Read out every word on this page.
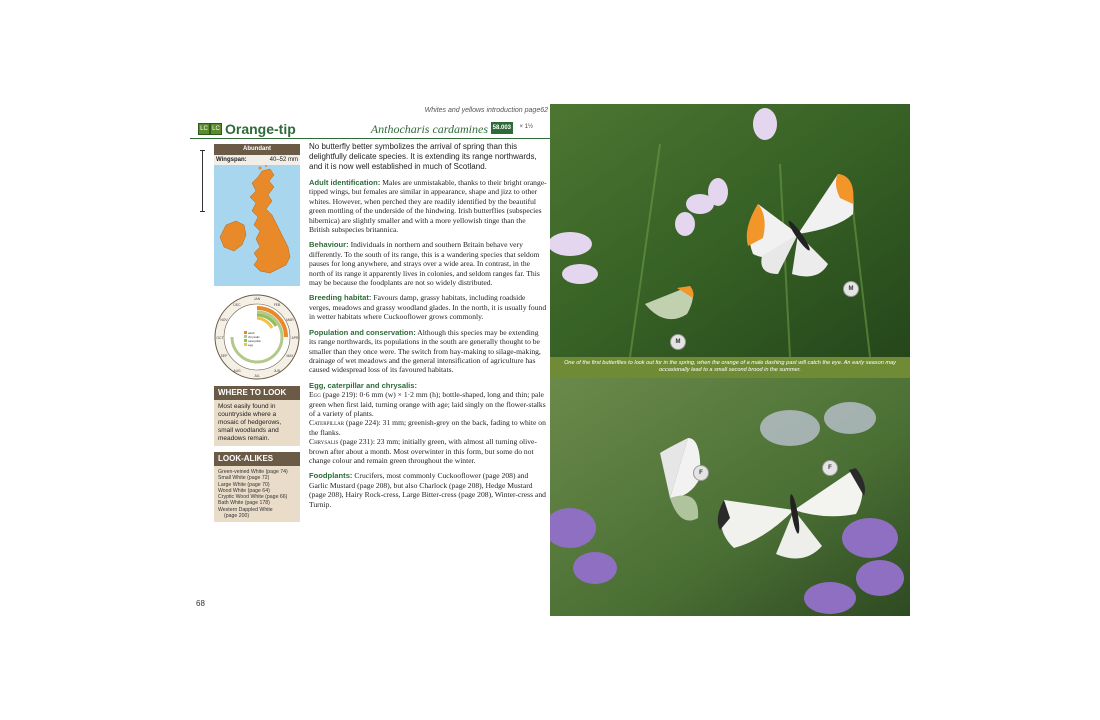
Whites and yellows introduction page62
LC LC Orange-tip	Anthocharis cardamines 58.003	× 1½
Abundant
Wingspan:	40–52 mm
adult
chrysalis
caterpillar
egg
JAN
FEB
MAR
APR
MAY
JUN
JUL
AUG
SEP
OCT
NOV
DEC
WHERE TO LOOK
Most easily found in countryside where a mosaic of hedgerows, small woodlands and meadows remain.
LOOK-ALIKES
Green-veined White (page 74)
Small White (page 72)
Large White (page 70)
Wood White (page 64)
Cryptic Wood White (page 66)
Bath White (page 178)
Western Dappled White
(page 200)
68

No butterfly better symbolizes the arrival of spring than this delightfully delicate species. It is extending its range northwards, and it is now well established in much of Scotland.

Adult identification: Males are unmistakable, thanks to their bright orange-tipped wings, but females are similar in appearance, shape and jizz to other whites. However, when perched they are readily identified by the beautiful green mottling of the underside of the hindwing. Irish butterflies (subspecies hibernica) are slightly smaller and with a more yellowish tinge than the British subspecies britannica.

Behaviour: Individuals in northern and southern Britain behave very differently. To the south of its range, this is a wandering species that seldom pauses for long anywhere, and strays over a wide area. In contrast, in the north of its range it apparently lives in colonies, and seldom ranges far. This may be because the foodplants are not so widely distributed.

Breeding habitat: Favours damp, grassy habitats, including roadside verges, meadows and grassy woodland glades. In the north, it is usually found in wetter habitats where Cuckooflower grows commonly.

Population and conservation: Although this species may be extending its range northwards, its populations in the south are generally thought to be smaller than they once were. The switch from hay-making to silage-making, drainage of wet meadows and the general intensification of agriculture has caused widespread loss of its favoured habitats.

Egg, caterpillar and chrysalis:

Egg (page 219): 0·6 mm (w) × 1·2 mm (h); bottle-shaped, long and thin; pale green when first laid, turning orange with age; laid singly on the flower-stalks of a variety of plants.

Caterpillar (page 224): 31 mm; greenish-grey on the back, fading to white on the flanks.

Chrysalis (page 231): 23 mm; initially green, with almost all turning olive-brown after about a month. Most overwinter in this form, but some do not change colour and remain green throughout the winter.

Foodplants: Crucifers, most commonly Cuckooflower (page 208) and Garlic Mustard (page 208), but also Charlock (page 208), Hedge Mustard (page 208), Hairy Rock-cress, Large Bitter-cress (page 208), Winter-cress and Turnip.

M
M
One of the first butterflies to look out for in the spring, when the orange of a male dashing past will catch the eye. An early season may occasionally lead to a small second brood in the summer.
F
F
